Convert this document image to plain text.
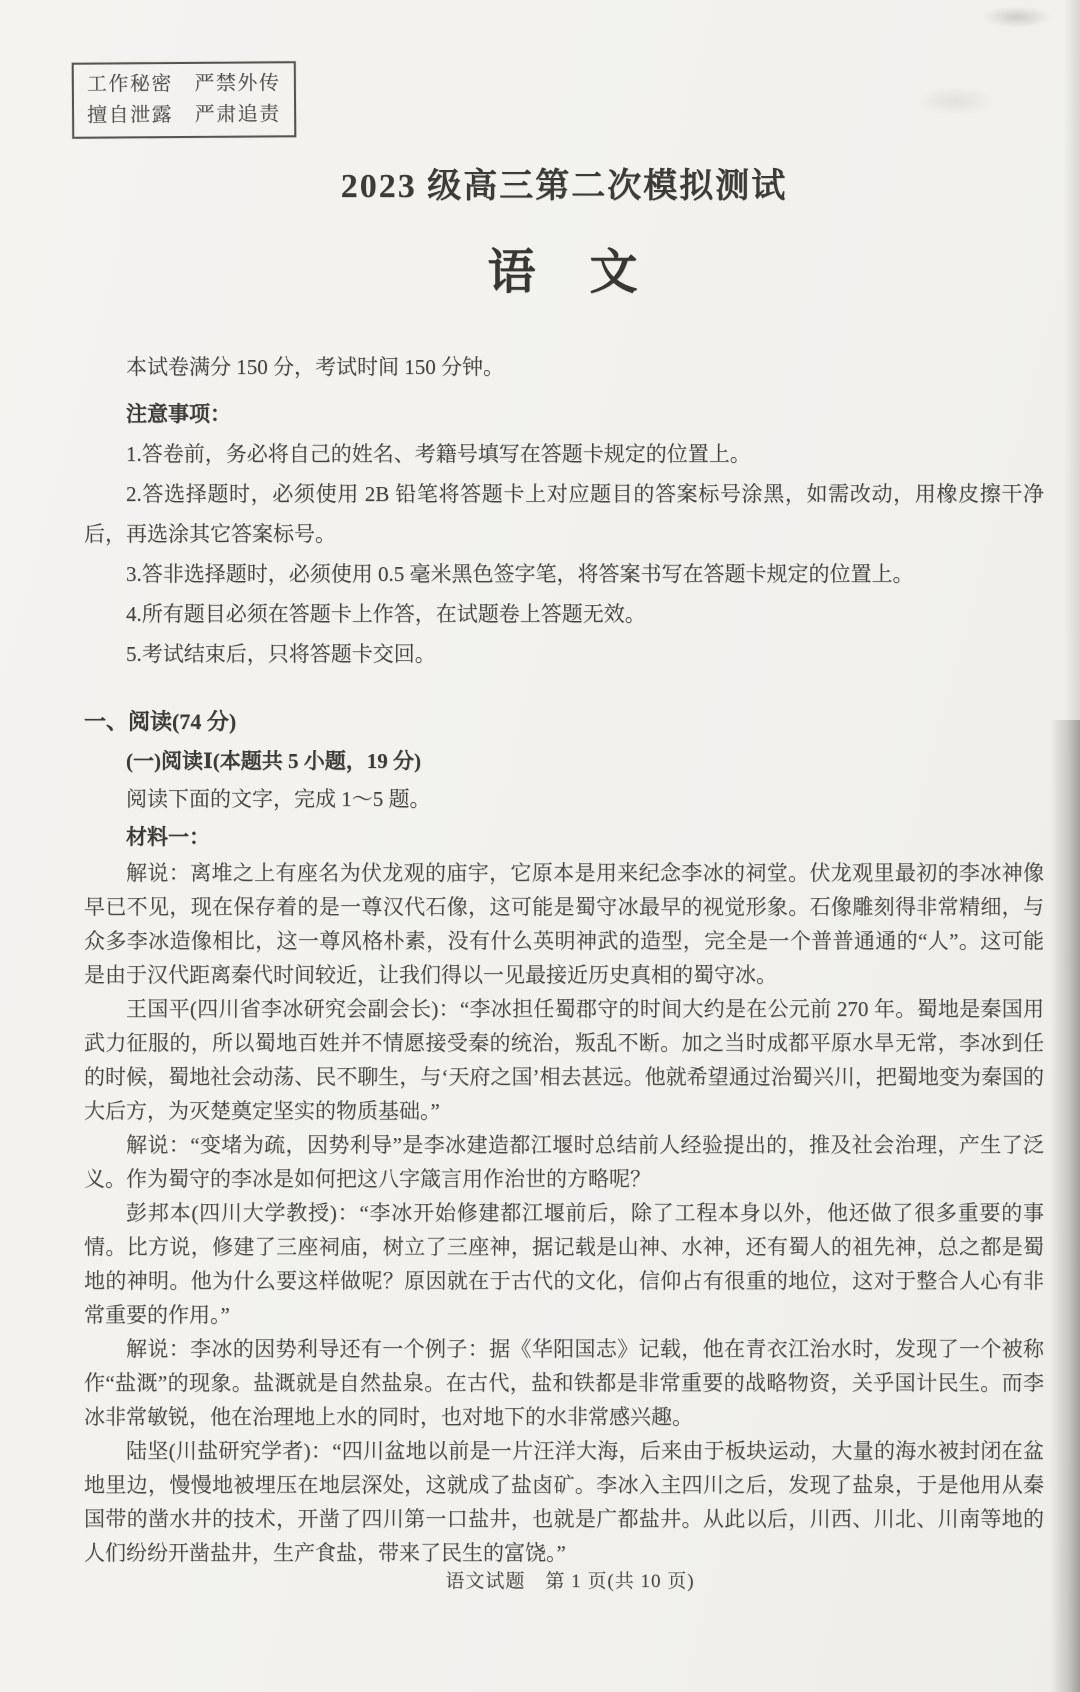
工作秘密　严禁外传
擅自泄露　严肃追责
2023 级高三第二次模拟测试
语　文

本试卷满分 150 分，考试时间 150 分钟。

注意事项：

1.答卷前，务必将自己的姓名、考籍号填写在答题卡规定的位置上。

2.答选择题时，必须使用 2B 铅笔将答题卡上对应题目的答案标号涂黑，如需改动，用橡皮擦干净后，再选涂其它答案标号。

3.答非选择题时，必须使用 0.5 毫米黑色签字笔，将答案书写在答题卡规定的位置上。

4.所有题目必须在答题卡上作答，在试题卷上答题无效。

5.考试结束后，只将答题卡交回。

一、阅读(74 分)

(一)阅读Ⅰ(本题共 5 小题，19 分)

阅读下面的文字，完成 1～5 题。

材料一：

解说：离堆之上有座名为伏龙观的庙宇，它原本是用来纪念李冰的祠堂。伏龙观里最初的李冰神像早已不见，现在保存着的是一尊汉代石像，这可能是蜀守冰最早的视觉形象。石像雕刻得非常精细，与众多李冰造像相比，这一尊风格朴素，没有什么英明神武的造型，完全是一个普普通通的“人”。这可能是由于汉代距离秦代时间较近，让我们得以一见最接近历史真相的蜀守冰。

王国平(四川省李冰研究会副会长)：“李冰担任蜀郡守的时间大约是在公元前 270 年。蜀地是秦国用武力征服的，所以蜀地百姓并不情愿接受秦的统治，叛乱不断。加之当时成都平原水旱无常，李冰到任的时候，蜀地社会动荡、民不聊生，与‘天府之国’相去甚远。他就希望通过治蜀兴川，把蜀地变为秦国的大后方，为灭楚奠定坚实的物质基础。”

解说：“变堵为疏，因势利导”是李冰建造都江堰时总结前人经验提出的，推及社会治理，产生了泛义。作为蜀守的李冰是如何把这八字箴言用作治世的方略呢？

彭邦本(四川大学教授)：“李冰开始修建都江堰前后，除了工程本身以外，他还做了很多重要的事情。比方说，修建了三座祠庙，树立了三座神，据记载是山神、水神，还有蜀人的祖先神，总之都是蜀地的神明。他为什么要这样做呢？原因就在于古代的文化，信仰占有很重的地位，这对于整合人心有非常重要的作用。”

解说：李冰的因势利导还有一个例子：据《华阳国志》记载，他在青衣江治水时，发现了一个被称作“盐溉”的现象。盐溉就是自然盐泉。在古代，盐和铁都是非常重要的战略物资，关乎国计民生。而李冰非常敏锐，他在治理地上水的同时，也对地下的水非常感兴趣。

陆坚(川盐研究学者)：“四川盆地以前是一片汪洋大海，后来由于板块运动，大量的海水被封闭在盆地里边，慢慢地被埋压在地层深处，这就成了盐卤矿。李冰入主四川之后，发现了盐泉，于是他用从秦国带的凿水井的技术，开凿了四川第一口盐井，也就是广都盐井。从此以后，川西、川北、川南等地的人们纷纷开凿盐井，生产食盐，带来了民生的富饶。”

语文试题　第 1 页(共 10 页)
